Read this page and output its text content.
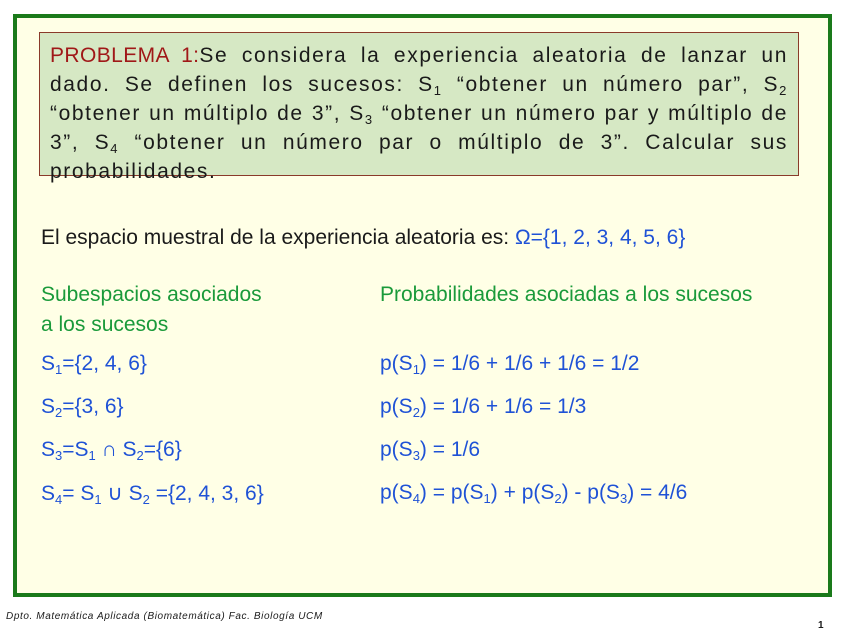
PROBLEMA 1:Se considera la experiencia aleatoria de lanzar un dado. Se definen los sucesos: $S_1$ “obtener un número par”, $S_2$ “obtener un múltiplo de 3”, $S_3$ “obtener un número par y múltiplo de 3”, $S_4$ “obtener un número par o múltiplo de 3”. Calcular sus probabilidades.
El espacio muestral de la experiencia aleatoria es: Ω={1, 2, 3, 4, 5, 6}
Subespacios asociados
a los sucesos
Probabilidades asociadas a los sucesos
$S_1=\{2$, 4, 6}
$S_2=\{3$, 6}
$S_3=S_1$ ∩ $S_2=\{6\}$
$S_4= S_1$ ∪ $S_2 =\{2$, 4, 3, 6}
$p(S_1) = 1/6 + 1/6 + 1/6 = 1/2$
$p(S_2) = 1/6 + 1/6 = 1/3$
$p(S_3) = 1/6$
$p(S_4) = p(S_1) + p(S_2) - p(S_3) = 4/6$
Dpto. Matemática Aplicada (Biomatemática) Fac. Biología UCM
1
